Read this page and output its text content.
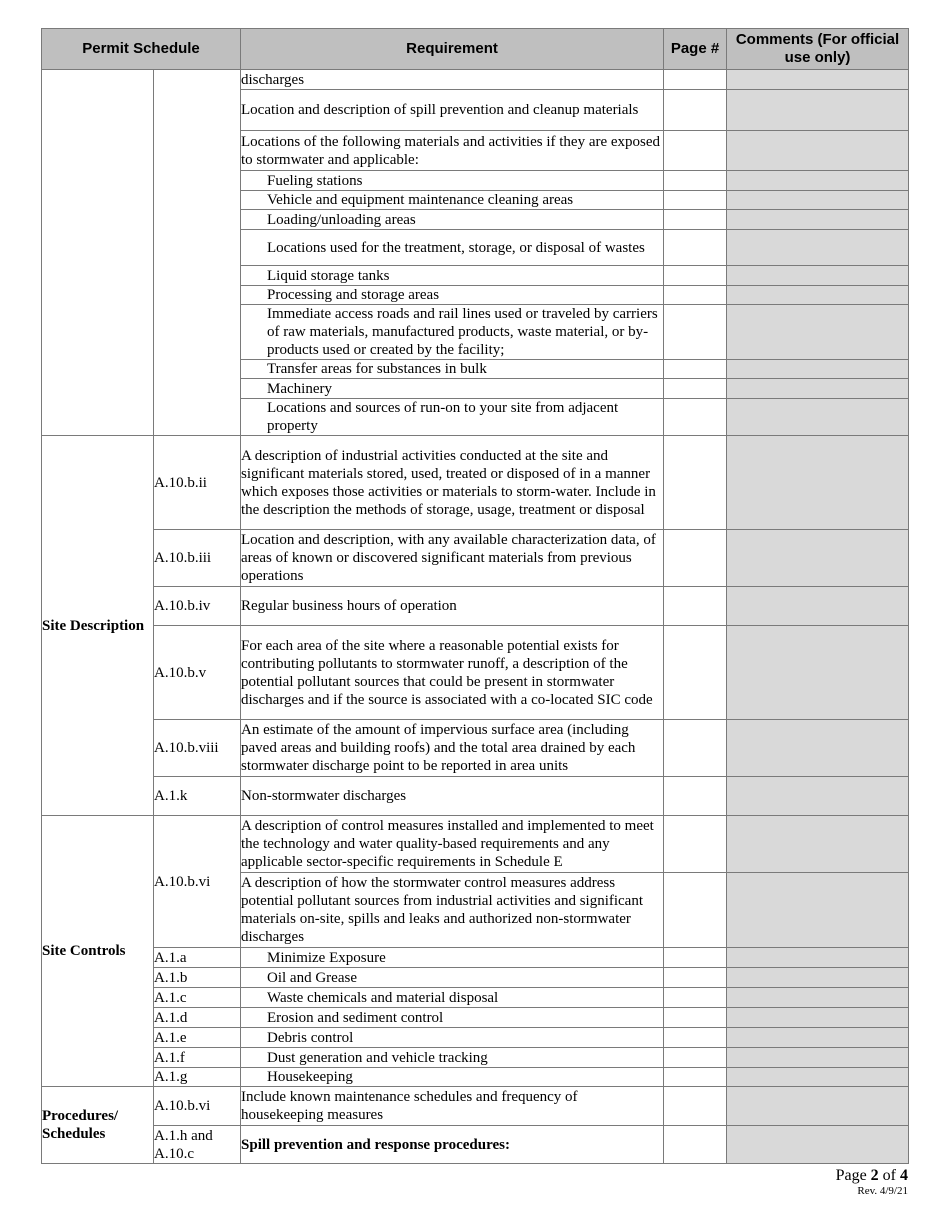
Permit Schedule		Requirement	Page #	Comments (For official use only)
		discharges		
		Location and description of spill prevention and cleanup materials		
		Locations of the following materials and activities if they are exposed to stormwater and applicable:		
		Fueling stations		
		Vehicle and equipment maintenance cleaning areas		
		Loading/unloading areas		
		Locations used for the treatment, storage, or disposal of wastes		
		Liquid storage tanks		
		Processing and storage areas		
		Immediate access roads and rail lines used or traveled by carriers of raw materials, manufactured products, waste material, or by-products used or created by the facility;		
		Transfer areas for substances in bulk		
		Machinery		
		Locations and sources of run-on to your site from adjacent property		
Site Description	A.10.b.ii	A description of industrial activities conducted at the site and significant materials stored, used, treated or disposed of in a manner which exposes those activities or materials to storm-water. Include in the description the methods of storage, usage, treatment or disposal		
	A.10.b.iii	Location and description, with any available characterization data, of areas of known or discovered significant materials from previous operations		
	A.10.b.iv	Regular business hours of operation		
	A.10.b.v	For each area of the site where a reasonable potential exists for contributing pollutants to stormwater runoff, a description of the potential pollutant sources that could be present in stormwater discharges and if the source is associated with a co-located SIC code		
	A.10.b.viii	An estimate of the amount of impervious surface area (including paved areas and building roofs) and the total area drained by each stormwater discharge point to be reported in area units		
	A.1.k	Non-stormwater discharges		
Site Controls	A.10.b.vi	A description of control measures installed and implemented to meet the technology and water quality-based requirements and any applicable sector-specific requirements in Schedule E		
		A description of how the stormwater control measures address potential pollutant sources from industrial activities and significant materials on-site, spills and leaks and authorized non-stormwater discharges		
	A.1.a	Minimize Exposure		
	A.1.b	Oil and Grease		
	A.1.c	Waste chemicals and material disposal		
	A.1.d	Erosion and sediment control		
	A.1.e	Debris control		
	A.1.f	Dust generation and vehicle tracking		
	A.1.g	Housekeeping		
Procedures/ Schedules	A.10.b.vi	Include known maintenance schedules and frequency of housekeeping measures		
	A.1.h and A.10.c	Spill prevention and response procedures:		
Page 2 of 4
Rev. 4/9/21
